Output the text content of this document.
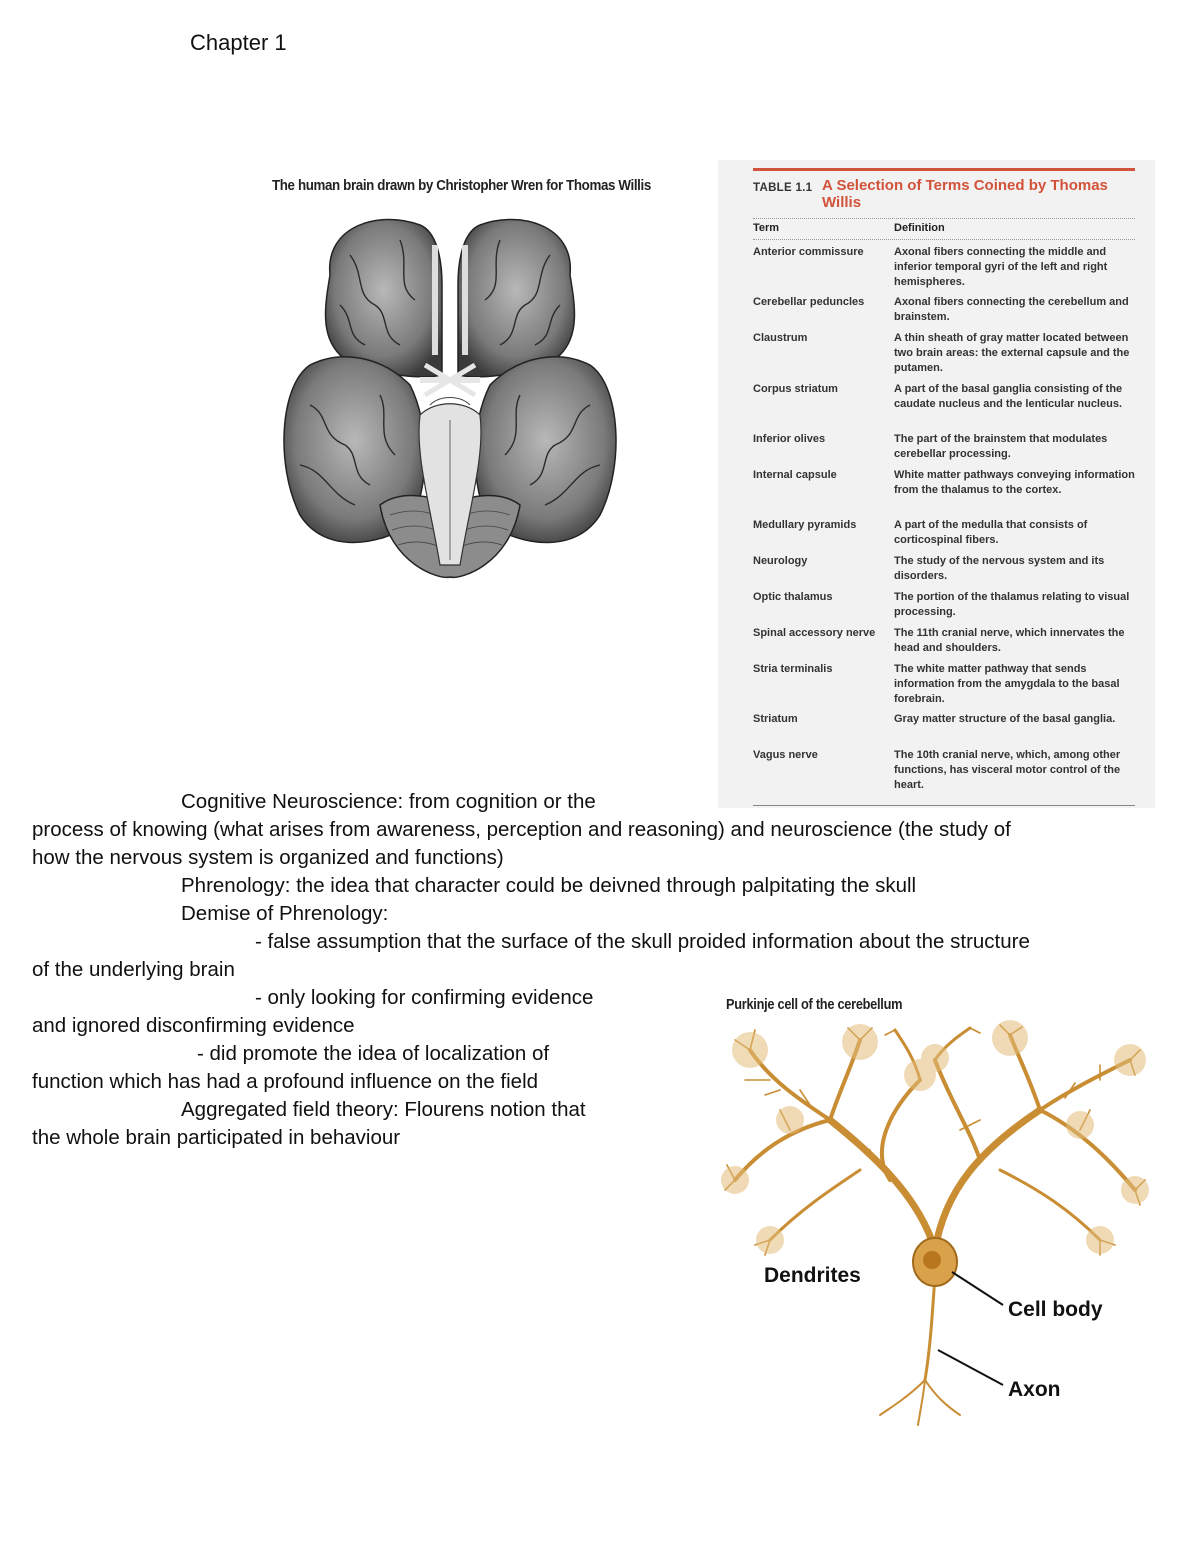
Chapter 1
The human brain drawn by Christopher Wren for Thomas Willis	TABLE 1.1 A Selection of Terms Coined by Thomas Willis
Term	Definition
Anterior commissure	Axonal fibers connecting the middle and inferior temporal gyri of the left and right hemispheres.
Cerebellar peduncles	Axonal fibers connecting the cerebellum and brainstem.
Claustrum	A thin sheath of gray matter located between two brain areas: the external capsule and the putamen.
Corpus striatum	A part of the basal ganglia consisting of the caudate nucleus and the lenticular nucleus.
Inferior olives	The part of the brainstem that modulates cerebellar processing.
Internal capsule	White matter pathways conveying information from the thalamus to the cortex.
Medullary pyramids	A part of the medulla that consists of corticospinal fibers.
Neurology	The study of the nervous system and its disorders.
Optic thalamus	The portion of the thalamus relating to visual processing.
Spinal accessory nerve	The 11th cranial nerve, which innervates the head and shoulders.
Stria terminalis	The white matter pathway that sends information from the amygdala to the basal forebrain.
Striatum	Gray matter structure of the basal ganglia.
Vagus nerve	The 10th cranial nerve, which, among other functions, has visceral motor control of the heart.
Cognitive Neuroscience: from cognition or the
process of knowing (what arises from awareness, perception and reasoning) and neuroscience (the study of
how the nervous system is organized and functions)
Phrenology: the idea that character could be deivned through palpitating the skull
Demise of Phrenology:
- false assumption that the surface of the skull proided information about the structure
of the underlying brain
- only looking for confirming evidence
and ignored disconfirming evidence
- did promote the idea of localization of
function which has had a profound influence on the field
Aggregated field theory: Flourens notion that
the whole brain participated in behaviour
Purkinje cell of the cerebellum
Dendrites
Cell body
Axon
